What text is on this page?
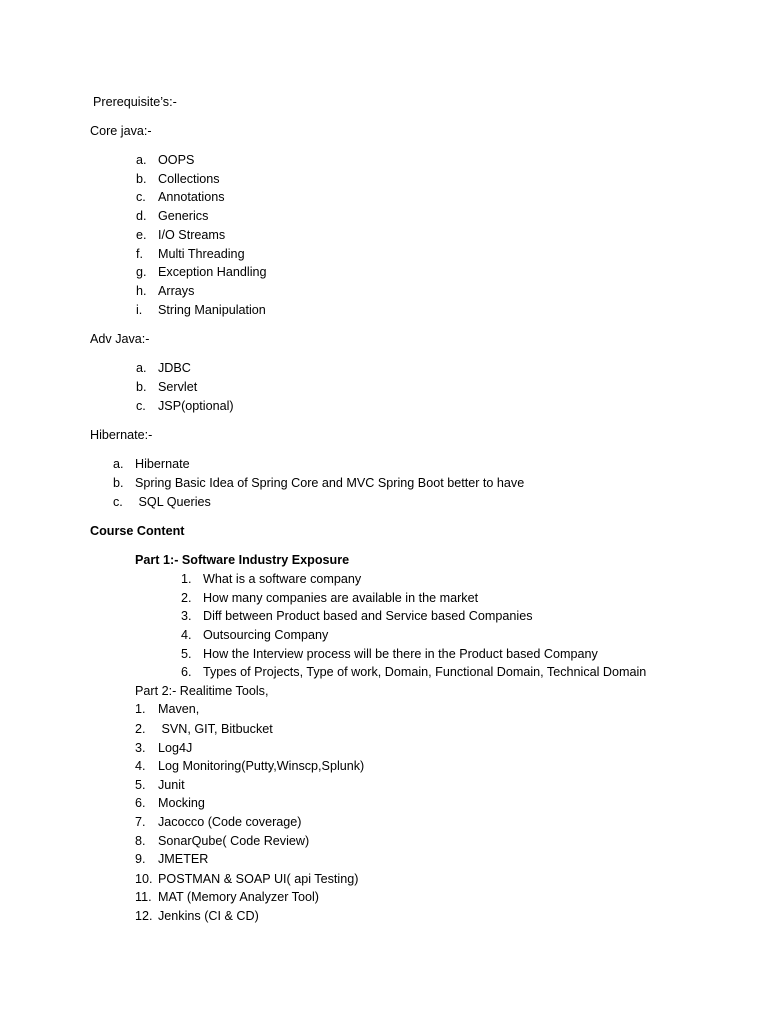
Prerequisite’s:-
Core java:-
a. OOPS
b. Collections
c. Annotations
d. Generics
e. I/O Streams
f. Multi Threading
g. Exception Handling
h. Arrays
i. String Manipulation
Adv Java:-
a. JDBC
b. Servlet
c. JSP(optional)
Hibernate:-
a. Hibernate
b. Spring Basic Idea of Spring Core and MVC Spring Boot better to have
c. SQL Queries
Course Content
Part 1:- Software Industry Exposure
1. What is a software company
2. How many companies are available in the market
3. Diff between Product based and Service based Companies
4. Outsourcing Company
5. How the Interview process will be there in the Product based Company
6. Types of Projects, Type of work, Domain, Functional Domain, Technical Domain
Part 2:- Realitime Tools,
1. Maven,
2. SVN, GIT, Bitbucket
3. Log4J
4. Log Monitoring(Putty,Winscp,Splunk)
5. Junit
6. Mocking
7. Jacocco (Code coverage)
8. SonarQube( Code Review)
9. JMETER
10. POSTMAN & SOAP UI( api Testing)
11. MAT (Memory Analyzer Tool)
12. Jenkins (CI & CD)
